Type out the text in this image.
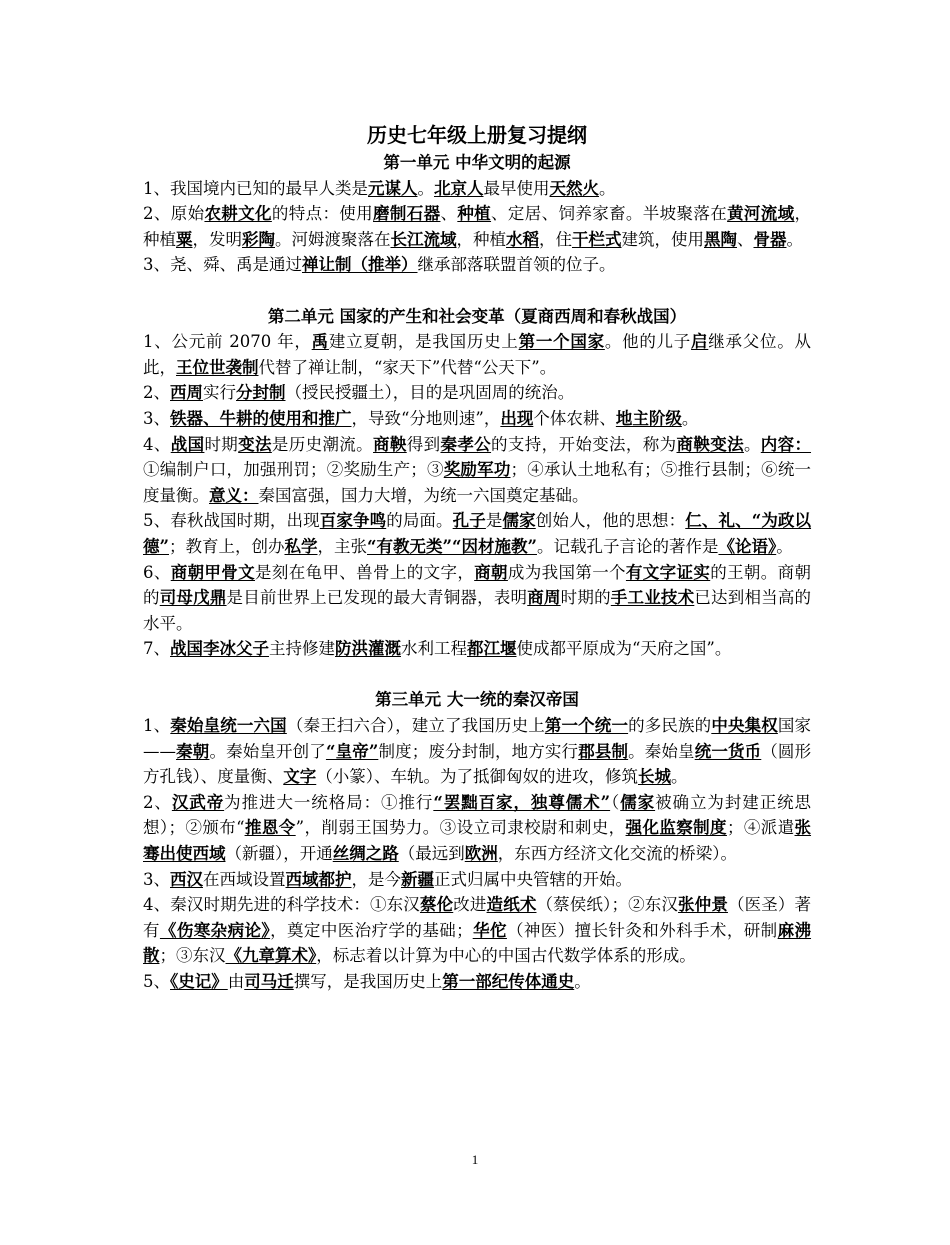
历史七年级上册复习提纲
第一单元 中华文明的起源

1、我国境内已知的最早人类是元谋人。北京人最早使用天然火。

2、原始农耕文化的特点：使用磨制石器、种植、定居、饲养家畜。半坡聚落在黄河流域，种植粟，发明彩陶。河姆渡聚落在长江流域，种植水稻，住干栏式建筑，使用黑陶、骨器。

3、尧、舜、禹是通过禅让制（推举）继承部落联盟首领的位子。

第二单元 国家的产生和社会变革（夏商西周和春秋战国）

1、公元前 2070 年，禹建立夏朝，是我国历史上第一个国家。他的儿子启继承父位。从此，王位世袭制代替了禅让制，“家天下”代替“公天下”。

2、西周实行分封制（授民授疆土），目的是巩固周的统治。

3、铁器、牛耕的使用和推广，导致“分地则速”，出现个体农耕、地主阶级。

4、战国时期变法是历史潮流。商鞅得到秦孝公的支持，开始变法，称为商鞅变法。内容：①编制户口，加强刑罚；②奖励生产；③奖励军功；④承认土地私有；⑤推行县制；⑥统一度量衡。意义：秦国富强，国力大增，为统一六国奠定基础。

5、春秋战国时期，出现百家争鸣的局面。孔子是儒家创始人，他的思想：仁、礼、“为政以德”；教育上，创办私学，主张“有教无类”“因材施教”。记载孔子言论的著作是《论语》。

6、商朝甲骨文是刻在龟甲、兽骨上的文字，商朝成为我国第一个有文字证实的王朝。商朝的司母戊鼎是目前世界上已发现的最大青铜器，表明商周时期的手工业技术已达到相当高的水平。

7、战国李冰父子主持修建防洪灌溉水利工程都江堰使成都平原成为“天府之国”。

第三单元 大一统的秦汉帝国

1、秦始皇统一六国（秦王扫六合），建立了我国历史上第一个统一的多民族的中央集权国家——秦朝。秦始皇开创了“皇帝”制度；废分封制，地方实行郡县制。秦始皇统一货币（圆形方孔钱）、度量衡、文字（小篆）、车轨。为了抵御匈奴的进攻，修筑长城。

2、汉武帝为推进大一统格局：①推行“罢黜百家，独尊儒术”（儒家被确立为封建正统思想）；②颁布“推恩令”，削弱王国势力。③设立司隶校尉和刺史，强化监察制度；④派遣张骞出使西域（新疆），开通丝绸之路（最远到欧洲，东西方经济文化交流的桥梁）。

3、西汉在西域设置西域都护，是今新疆正式归属中央管辖的开始。

4、秦汉时期先进的科学技术：①东汉蔡伦改进造纸术（蔡侯纸）；②东汉张仲景（医圣）著有《伤寒杂病论》，奠定中医治疗学的基础；华佗（神医）擅长针灸和外科手术，研制麻沸散；③东汉《九章算术》，标志着以计算为中心的中国古代数学体系的形成。

5、《史记》由司马迁撰写，是我国历史上第一部纪传体通史。

1
